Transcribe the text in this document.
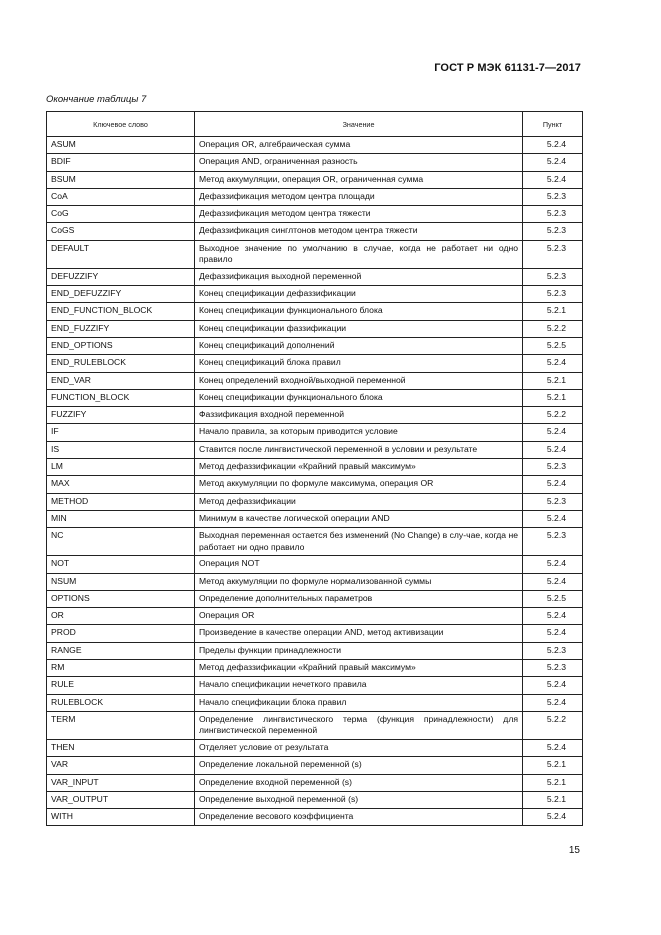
ГОСТ Р МЭК 61131-7—2017
Окончание таблицы 7
Ключевое слово	Значение	Пункт
ASUM	Операция OR, алгебраическая сумма	5.2.4
BDIF	Операция AND, ограниченная разность	5.2.4
BSUM	Метод аккумуляции, операция OR, ограниченная сумма	5.2.4
CoA	Дефаззификация методом центра площади	5.2.3
CoG	Дефаззификация методом центра тяжести	5.2.3
CoGS	Дефаззификация синглтонов методом центра тяжести	5.2.3
DEFAULT	Выходное значение по умолчанию в случае, когда не работает ни одно правило	5.2.3
DEFUZZIFY	Дефаззификация выходной переменной	5.2.3
END_DEFUZZIFY	Конец спецификации дефаззификации	5.2.3
END_FUNCTION_BLOCK	Конец спецификации функционального блока	5.2.1
END_FUZZIFY	Конец спецификации фаззификации	5.2.2
END_OPTIONS	Конец спецификаций дополнений	5.2.5
END_RULEBLOCK	Конец спецификаций блока правил	5.2.4
END_VAR	Конец определений входной/выходной переменной	5.2.1
FUNCTION_BLOCK	Конец спецификации функционального блока	5.2.1
FUZZIFY	Фаззификация входной переменной	5.2.2
IF	Начало правила, за которым приводится условие	5.2.4
IS	Ставится после лингвистической переменной в условии и результате	5.2.4
LM	Метод дефаззификации «Крайний правый максимум»	5.2.3
MAX	Метод аккумуляции по формуле максимума, операция OR	5.2.4
METHOD	Метод дефаззификации	5.2.3
MIN	Минимум в качестве логической операции AND	5.2.4
NC	Выходная переменная остается без изменений (No Change) в слу-чае, когда не работает ни одно правило	5.2.3
NOT	Операция NOT	5.2.4
NSUM	Метод аккумуляции по формуле нормализованной суммы	5.2.4
OPTIONS	Определение дополнительных параметров	5.2.5
OR	Операция OR	5.2.4
PROD	Произведение в качестве операции AND, метод активизации	5.2.4
RANGE	Пределы функции принадлежности	5.2.3
RM	Метод дефаззификации «Крайний правый максимум»	5.2.3
RULE	Начало спецификации нечеткого правила	5.2.4
RULEBLOCK	Начало спецификации блока правил	5.2.4
TERM	Определение лингвистического терма (функция принадлежности) для лингвистической переменной	5.2.2
THEN	Отделяет условие от результата	5.2.4
VAR	Определение локальной переменной (s)	5.2.1
VAR_INPUT	Определение входной переменной (s)	5.2.1
VAR_OUTPUT	Определение выходной переменной (s)	5.2.1
WITH	Определение весового коэффициента	5.2.4
15
